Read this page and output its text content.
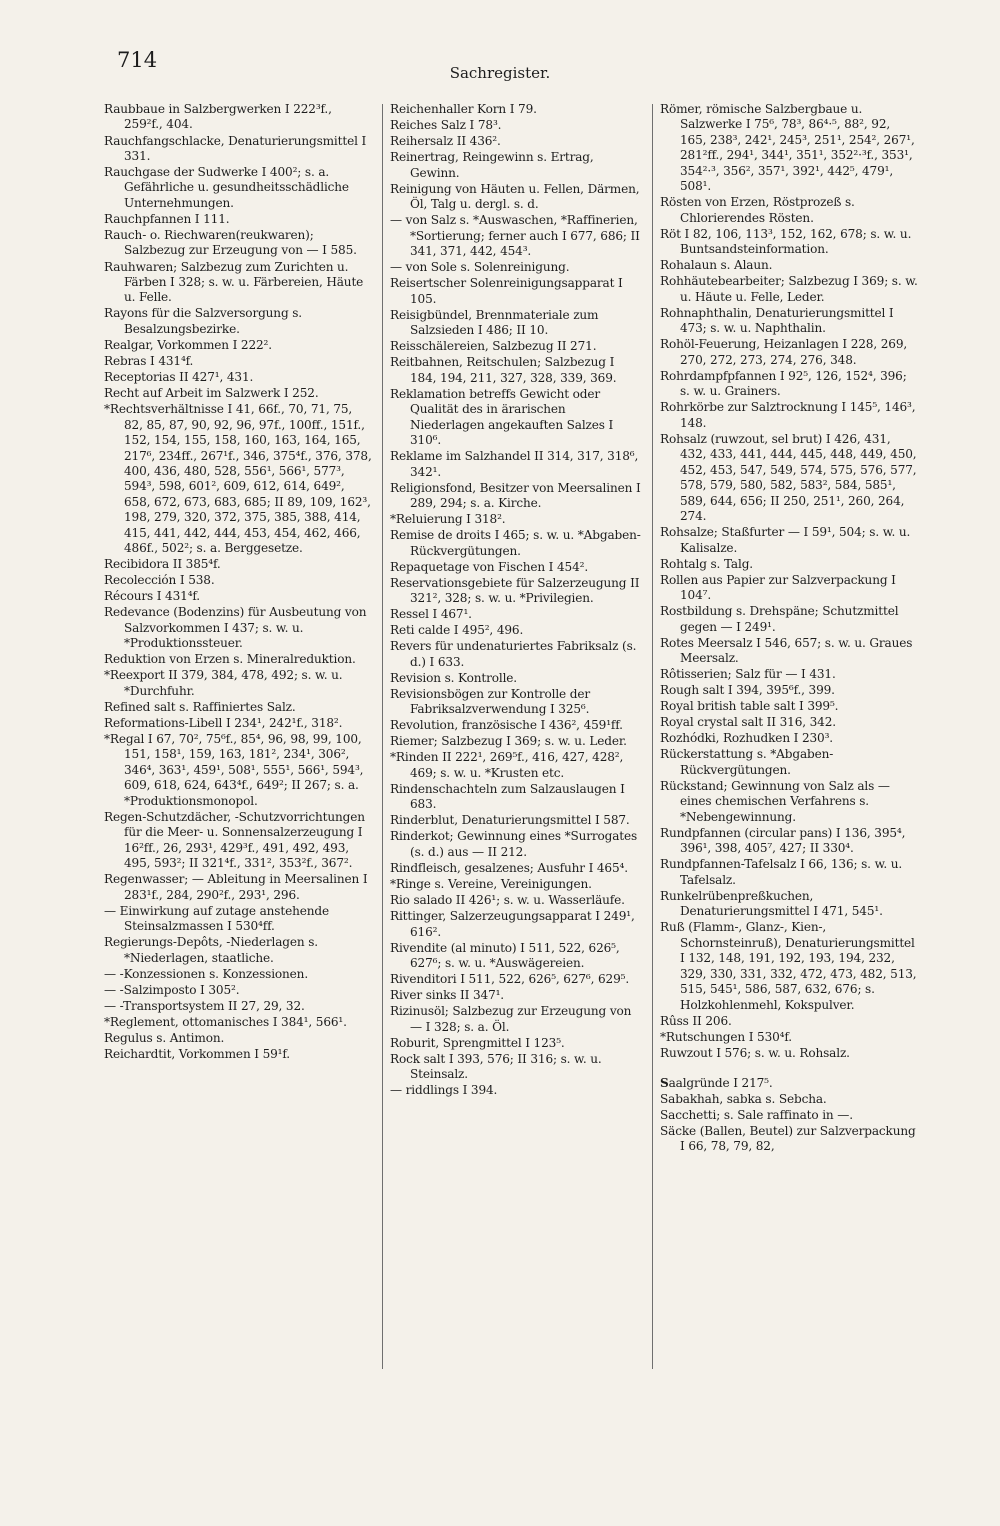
714
Sachregister.
Raubbaue in Salzbergwerken I 222³f., 259²f., 404.
Rauchfangschlacke, Denaturierungsmittel I 331.
Rauchgase der Sudwerke I 400²; s. a. Gefährliche u. gesundheitsschädliche Unternehmungen.
Rauchpfannen I 111.
Rauch- o. Riechwaren(reukwaren); Salzbezug zur Erzeugung von — I 585.
Rauhwaren; Salzbezug zum Zurichten u. Färben I 328; s. w. u. Färbereien, Häute u. Felle.
Rayons für die Salzversorgung s. Besalzungsbezirke.
Realgar, Vorkommen I 222².
Rebras I 431⁴f.
Receptorias II 427¹, 431.
Recht auf Arbeit im Salzwerk I 252.
*Rechtsverhältnisse I 41, 66f., 70, 71, 75, 82, 85, 87, 90, 92, 96, 97f., 100ff., 151f., 152, 154, 155, 158, 160, 163, 164, 165, 217⁶, 234ff., 267¹f., 346, 375⁴f., 376, 378, 400, 436, 480, 528, 556¹, 566¹, 577³, 594³, 598, 601², 609, 612, 614, 649², 658, 672, 673, 683, 685; II 89, 109, 162³, 198, 279, 320, 372, 375, 385, 388, 414, 415, 441, 442, 444, 453, 454, 462, 466, 486f., 502²; s. a. Berggesetze.
Recibidora II 385⁴f.
Recolección I 538.
Récours I 431⁴f.
Redevance (Bodenzins) für Ausbeutung von Salzvorkommen I 437; s. w. u. *Produktionssteuer.
Reduktion von Erzen s. Mineralreduktion.
*Reexport II 379, 384, 478, 492; s. w. u. *Durchfuhr.
Refined salt s. Raffiniertes Salz.
Reformations-Libell I 234¹, 242¹f., 318².
*Regal I 67, 70², 75⁶f., 85⁴, 96, 98, 99, 100, 151, 158¹, 159, 163, 181², 234¹, 306², 346⁴, 363¹, 459¹, 508¹, 555¹, 566¹, 594³, 609, 618, 624, 643⁴f., 649²; II 267; s. a. *Produktionsmonopol.
Regen-Schutzdächer, -Schutzvorrichtungen für die Meer- u. Sonnensalzerzeugung I 16²ff., 26, 293¹, 429³f., 491, 492, 493, 495, 593²; II 321⁴f., 331², 353²f., 367².
Regenwasser; — Ableitung in Meersalinen I 283¹f., 284, 290²f., 293¹, 296.
— Einwirkung auf zutage anstehende Steinsalzmassen I 530⁴ff.
Regierungs-Depôts, -Niederlagen s. *Niederlagen, staatliche.
— -Konzessionen s. Konzessionen.
— -Salzimposto I 305².
— -Transportsystem II 27, 29, 32.
*Reglement, ottomanisches I 384¹, 566¹.
Regulus s. Antimon.
Reichardtit, Vorkommen I 59¹f.
Reichenhaller Korn I 79.
Reiches Salz I 78³.
Reihersalz II 436².
Reinertrag, Reingewinn s. Ertrag, Gewinn.
Reinigung von Häuten u. Fellen, Därmen, Öl, Talg u. dergl. s. d.
— von Salz s. *Auswaschen, *Raffinerien, *Sortierung; ferner auch I 677, 686; II 341, 371, 442, 454³.
— von Sole s. Solenreinigung.
Reisertscher Solenreinigungsapparat I 105.
Reisigbündel, Brennmateriale zum Salzsieden I 486; II 10.
Reisschälereien, Salzbezug II 271.
Reitbahnen, Reitschulen; Salzbezug I 184, 194, 211, 327, 328, 339, 369.
Reklamation betreffs Gewicht oder Qualität des in ärarischen Niederlagen angekauften Salzes I 310⁶.
Reklame im Salzhandel II 314, 317, 318⁶, 342¹.
Religionsfond, Besitzer von Meersalinen I 289, 294; s. a. Kirche.
*Reluierung I 318².
Remise de droits I 465; s. w. u. *Abgaben-Rückvergütungen.
Repaquetage von Fischen I 454².
Reservationsgebiete für Salzerzeugung II 321², 328; s. w. u. *Privilegien.
Ressel I 467¹.
Reti calde I 495², 496.
Revers für undenaturiertes Fabriksalz (s. d.) I 633.
Revision s. Kontrolle.
Revisionsbögen zur Kontrolle der Fabriksalzverwendung I 325⁶.
Revolution, französische I 436², 459¹ff.
Riemer; Salzbezug I 369; s. w. u. Leder.
*Rinden II 222¹, 269⁵f., 416, 427, 428², 469; s. w. u. *Krusten etc.
Rindenschachteln zum Salzauslaugen I 683.
Rinderblut, Denaturierungsmittel I 587.
Rinderkot; Gewinnung eines *Surrogates (s. d.) aus — II 212.
Rindfleisch, gesalzenes; Ausfuhr I 465⁴.
*Ringe s. Vereine, Vereinigungen.
Rio salado II 426¹; s. w. u. Wasserläufe.
Rittinger, Salzerzeugungsapparat I 249¹, 616².
Rivendite (al minuto) I 511, 522, 626⁵, 627⁶; s. w. u. *Auswägereien.
Rivenditori I 511, 522, 626⁵, 627⁶, 629⁵.
River sinks II 347¹.
Rizinusöl; Salzbezug zur Erzeugung von — I 328; s. a. Öl.
Roburit, Sprengmittel I 123⁵.
Rock salt I 393, 576; II 316; s. w. u. Steinsalz.
— riddlings I 394.
Römer, römische Salzbergbaue u. Salzwerke I 75⁶, 78³, 86⁴·⁵, 88², 92, 165, 238³, 242¹, 245³, 251¹, 254², 267¹, 281²ff., 294¹, 344¹, 351¹, 352²·³f., 353¹, 354²·³, 356², 357¹, 392¹, 442⁵, 479¹, 508¹.
Rösten von Erzen, Röstprozeß s. Chlorierendes Rösten.
Röt I 82, 106, 113³, 152, 162, 678; s. w. u. Buntsandsteinformation.
Rohalaun s. Alaun.
Rohhäutebearbeiter; Salzbezug I 369; s. w. u. Häute u. Felle, Leder.
Rohnaphthalin, Denaturierungsmittel I 473; s. w. u. Naphthalin.
Rohöl-Feuerung, Heizanlagen I 228, 269, 270, 272, 273, 274, 276, 348.
Rohrdampfpfannen I 92⁵, 126, 152⁴, 396; s. w. u. Grainers.
Rohrkörbe zur Salztrocknung I 145⁵, 146³, 148.
Rohsalz (ruwzout, sel brut) I 426, 431, 432, 433, 441, 444, 445, 448, 449, 450, 452, 453, 547, 549, 574, 575, 576, 577, 578, 579, 580, 582, 583², 584, 585¹, 589, 644, 656; II 250, 251¹, 260, 264, 274.
Rohsalze; Staßfurter — I 59¹, 504; s. w. u. Kalisalze.
Rohtalg s. Talg.
Rollen aus Papier zur Salzverpackung I 104⁷.
Rostbildung s. Drehspäne; Schutzmittel gegen — I 249¹.
Rotes Meersalz I 546, 657; s. w. u. Graues Meersalz.
Rôtisserien; Salz für — I 431.
Rough salt I 394, 395⁶f., 399.
Royal british table salt I 399⁵.
Royal crystal salt II 316, 342.
Rozhódki, Rozhudken I 230³.
Rückerstattung s. *Abgaben-Rückvergütungen.
Rückstand; Gewinnung von Salz als — eines chemischen Verfahrens s. *Nebengewinnung.
Rundpfannen (circular pans) I 136, 395⁴, 396¹, 398, 405⁷, 427; II 330⁴.
Rundpfannen-Tafelsalz I 66, 136; s. w. u. Tafelsalz.
Runkelrübenpreßkuchen, Denaturierungsmittel I 471, 545¹.
Ruß (Flamm-, Glanz-, Kien-, Schornsteinruß), Denaturierungsmittel I 132, 148, 191, 192, 193, 194, 232, 329, 330, 331, 332, 472, 473, 482, 513, 515, 545¹, 586, 587, 632, 676; s. Holzkohlenmehl, Kokspulver.
Rûss II 206.
*Rutschungen I 530⁴f.
Ruwzout I 576; s. w. u. Rohsalz.
Saalgründe I 217⁵.
Sabakhah, sabka s. Sebcha.
Sacchetti; s. Sale raffinato in —.
Säcke (Ballen, Beutel) zur Salzverpackung I 66, 78, 79, 82,
